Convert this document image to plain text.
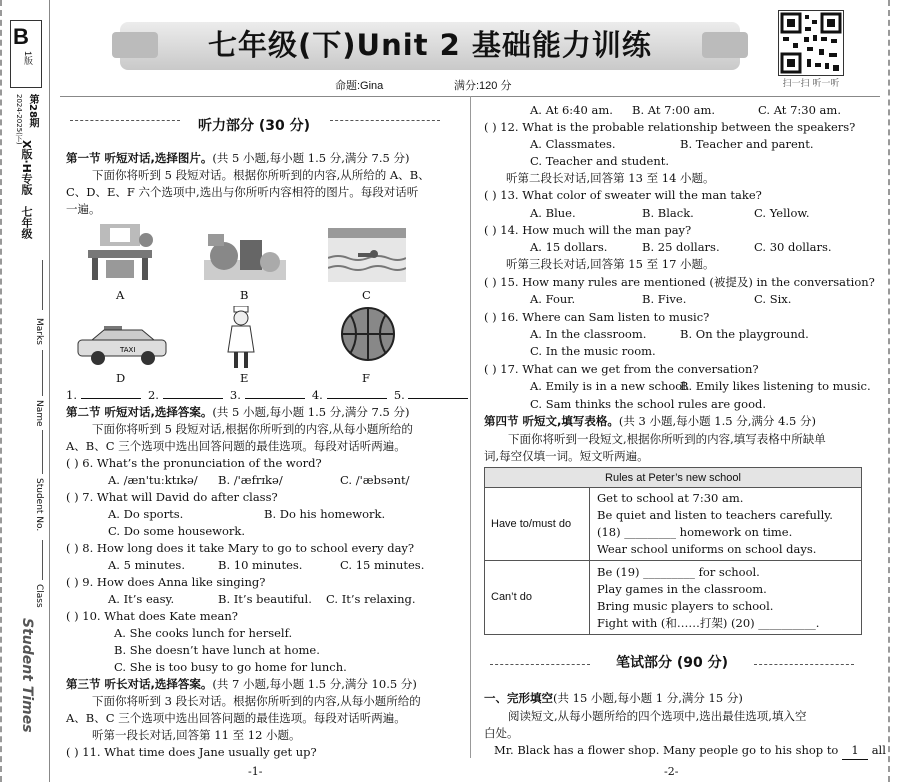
B
1版
第28期
2024-2025(下)
X版·H专版
七年级
Marks
Name
Student No.
Class
Student Times
七年级(下)Unit 2 基础能力训练
扫一扫 听一听
命题:Gina	满分:120 分
听力部分 (30 分)
第一节 听短对话,选择图片。(共 5 小题,每小题 1.5 分,满分 7.5 分)
下面你将听到 5 段短对话。根据你所听到的内容,从所给的 A、B、
C、D、E、F 六个选项中,选出与你所听内容相符的图片。每段对话听
一遍。
TAXI
A	B	C
D	E	F
1.	2.	3.	4.	5.
第二节 听短对话,选择答案。(共 5 小题,每小题 1.5 分,满分 7.5 分)
下面你将听到 5 段短对话,根据你所听到的内容,从每小题所给的
A、B、C 三个选项中选出回答问题的最佳选项。每段对话听两遍。
( ) 6. What’s the pronunciation of the word?
A. /æn'tuːktɪkə/ B. /'æfrɪkə/	C. /'æbsənt/
( ) 7. What will David do after class?
A. Do sports.	B. Do his homework.
C. Do some housework.
( ) 8. How long does it take Mary to go to school every day?
A. 5 minutes.	B. 10 minutes.	C. 15 minutes.
( ) 9. How does Anna like singing?
A. It’s easy.	B. It’s beautiful. C. It’s relaxing.
( ) 10. What does Kate mean?
A. She cooks lunch for herself.
B. She doesn’t have lunch at home.
C. She is too busy to go home for lunch.
第三节 听长对话,选择答案。(共 7 小题,每小题 1.5 分,满分 10.5 分)
下面你将听到 3 段长对话。根据你所听到的内容,从每小题所给的
A、B、C 三个选项中选出回答问题的最佳选项。每段对话听两遍。
听第一段长对话,回答第 11 至 12 小题。
( ) 11. What time does Jane usually get up?
A. At 6:40 am. B. At 7:00 am.	C. At 7:30 am.
( ) 12. What is the probable relationship between the speakers?
A. Classmates.	B. Teacher and parent.
C. Teacher and student.
听第二段长对话,回答第 13 至 14 小题。
( ) 13. What color of sweater will the man take?
A. Blue.	B. Black.	C. Yellow.
( ) 14. How much will the man pay?
A. 15 dollars.	B. 25 dollars.	C. 30 dollars.
听第三段长对话,回答第 15 至 17 小题。
( ) 15. How many rules are mentioned (被提及) in the conversation?
A. Four.	B. Five.	C. Six.
( ) 16. Where can Sam listen to music?
A. In the classroom.	B. On the playground.
C. In the music room.
( ) 17. What can we get from the conversation?
A. Emily is in a new school.
B. Emily likes listening to music.
C. Sam thinks the school rules are good.
第四节 听短文,填写表格。(共 3 小题,每小题 1.5 分,满分 4.5 分)
下面你将听到一段短文,根据你所听到的内容,填写表格中所缺单
词,每空仅填一词。短文听两遍。
Rules at Peter’s new school
Have to/must do
Get to school at 7:30 am.
Be quiet and listen to teachers carefully.
(18) _________ homework on time.
Wear school uniforms on school days.
Can’t do
Be (19) _________ for school.
Play games in the classroom.
Bring music players to school.
Fight with (和……打架) (20) __________.
笔试部分 (90 分)
一、完形填空(共 15 小题,每小题 1 分,满分 15 分)
阅读短文,从每小题所给的四个选项中,选出最佳选项,填入空
白处。
Mr. Black has a flower shop. Many people go to his shop to 1 all
-1-	-2-
